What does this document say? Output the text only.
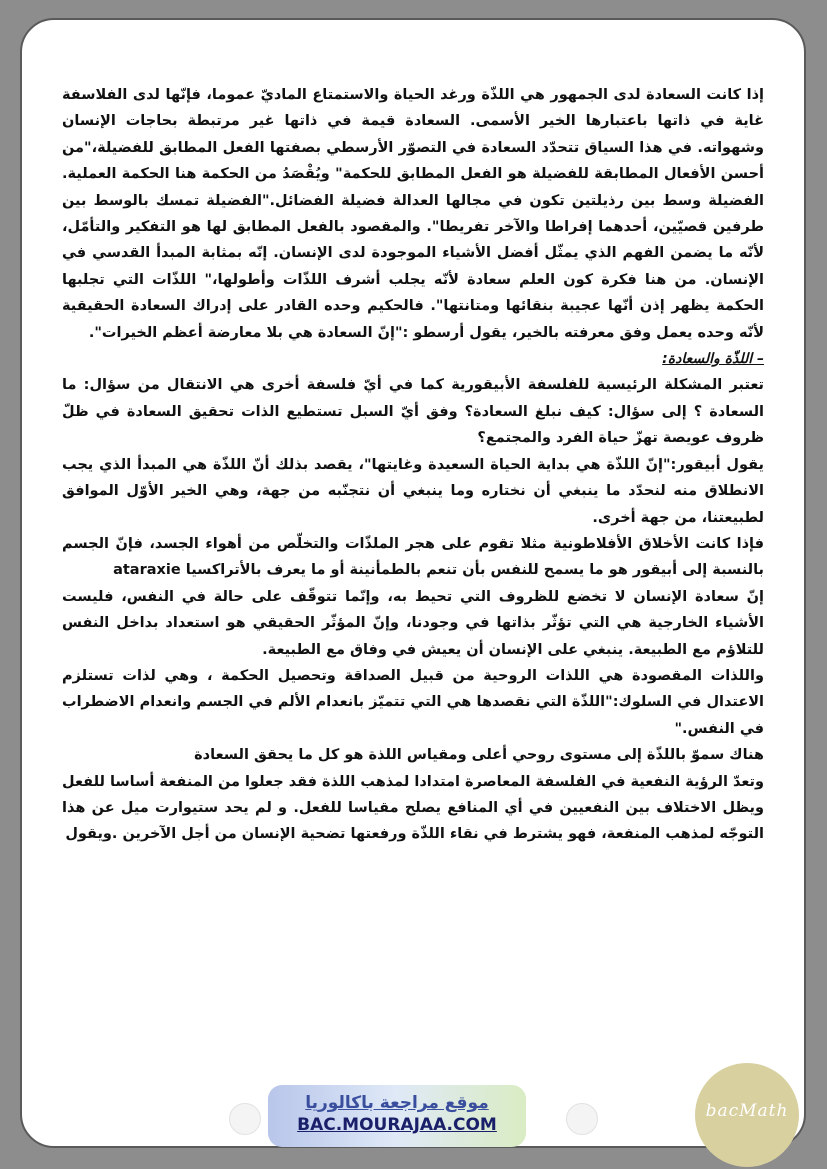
إذا كانت السعادة لدى الجمهور هي اللذّة ورغد الحياة والاستمتاع الماديّ عموما، فإنّها لدى الفلاسفة غاية في ذاتها باعتبارها الخير الأسمى. السعادة قيمة في ذاتها غير مرتبطة بحاجات الإنسان وشهواته. في هذا السياق تتحدّد السعادة في التصوّر الأرسطي بصفتها الفعل المطابق للفضيلة،"من أحسن الأفعال المطابقة للفضيلة هو الفعل المطابق للحكمة" ويُقْصَدُ من الحكمة هنا الحكمة العملية. الفضيلة وسط بين رذيلتين تكون في مجالها العدالة فضيلة الفضائل."الفضيلة تمسك بالوسط بين طرفين قصيّين، أحدهما إفراطا والآخر تفريطا". والمقصود بالفعل المطابق لها هو التفكير والتأمّل، لأنّه ما يضمن الفهم الذي يمثّل أفضل الأشياء الموجودة لدى الإنسان. إنّه بمثابة المبدأ القدسي في الإنسان. من هنا فكرة كون العلم سعادة لأنّه يجلب أشرف اللذّات وأطولها،" اللذّات التي تجلبها الحكمة يظهر إذن أنّها عجيبة بنقائها ومتانتها". فالحكيم وحده القادر على إدراك السعادة الحقيقية لأنّه وحده يعمل وفق معرفته بالخير، يقول أرسطو :"إنّ السعادة هي بلا معارضة أعظم الخيرات".

– اللذّة والسعادة:

تعتبر المشكلة الرئيسية للفلسفة الأبيقورية كما في أيّ فلسفة أخرى هي الانتقال من سؤال: ما السعادة ؟ إلى سؤال: كيف نبلغ السعادة؟ وفق أيّ السبل تستطيع الذات تحقيق السعادة في ظلّ ظروف عويصة تهزّ حياة الفرد والمجتمع؟

يقول أبيقور:"إنّ اللذّة هي بداية الحياة السعيدة وغايتها"، يقصد بذلك أنّ اللذّة هي المبدأ الذي يجب الانطلاق منه لنحدّد ما ينبغي أن نختاره وما ينبغي أن نتجنّبه من جهة، وهي الخير الأوّل الموافق لطبيعتنا، من جهة أخرى.

فإذا كانت الأخلاق الأفلاطونية مثلا تقوم على هجر الملذّات والتخلّص من أهواء الجسد، فإنّ الجسم بالنسبة إلى أبيقور هو ما يسمح للنفس بأن تنعم بالطمأنينة أو ما يعرف بالأتراكسيا ataraxie

إنّ سعادة الإنسان لا تخضع للظروف التي تحيط به، وإنّما تتوقّف على حالة في النفس، فليست الأشياء الخارجية هي التي تؤثّر بذاتها في وجودنا، وإنّ المؤثّر الحقيقي هو استعداد بداخل النفس للتلاؤم مع الطبيعة. ينبغي على الإنسان أن يعيش في وفاق مع الطبيعة.

واللذات المقصودة هي اللذات الروحية من قبيل الصداقة وتحصيل الحكمة ، وهي لذات تستلزم الاعتدال في السلوك:"اللذّة التي نقصدها هي التي تتميّز بانعدام الألم في الجسم وانعدام الاضطراب في النفس."

هناك سموّ باللذّة إلى مستوى روحي أعلى ومقياس اللذة هو كل ما يحقق السعادة

وتعدّ الرؤية النفعية في الفلسفة المعاصرة امتدادا لمذهب اللذة فقد جعلوا من المنفعة أساسا للفعل ويظل الاختلاف بين النفعيين في أي المنافع يصلح مقياسا للفعل. و لم يحد ستيوارت ميل عن هذا التوجّه لمذهب المنفعة، فهو يشترط في نقاء اللذّة ورفعتها تضحية الإنسان من أجل الآخرين .ويقول

موقع مراجعة باكالوريا
BAC.MOURAJAA.COM
bacMath
